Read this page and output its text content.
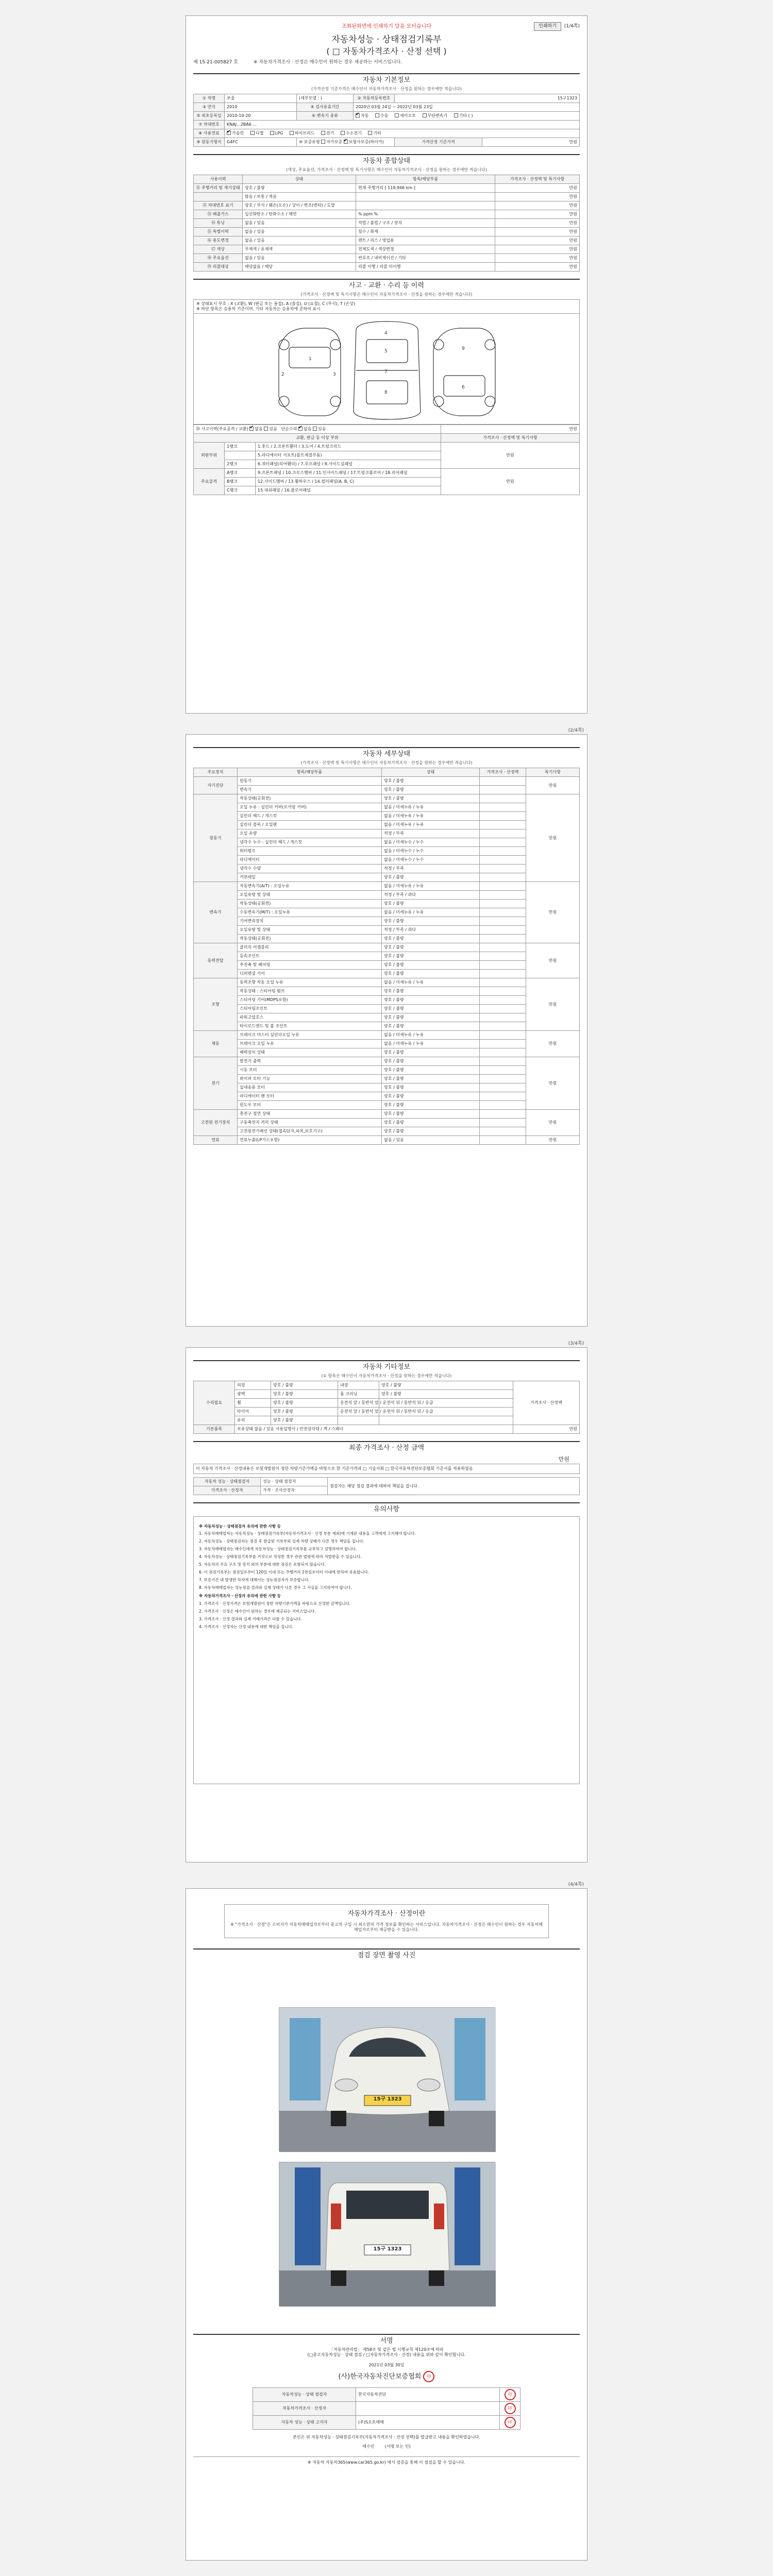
조회된화면에 인쇄하기 앙을 모터습니다	인쇄하기	(1/4쪽)
자동차성능 · 상태점검기록부
( □ 자동차가격조사 · 산정 선택 )
제 15-21-005827 호	※ 자동차가격조사 · 산정은 매수인이 원하는 경우 제공하는 서비스입니다.
자동차 기본정보
(가격산정 기준가격은 매수인이 자동차가격조사 · 산정을 원하는 경우에만 적습니다)
① 차명	쏘울	(세부모델 : )	② 자동차등록번호	15구1323	
③ 연식	2010	④ 검사유효기간	2020년 03월 24일 ~ 2022년 03월 23일		
⑤ 최초등록일	2010-10-20	⑥ 변속기 종류	✔자동 수동 세미오토 무단변속기 기타 ( )
⑦ 차대번호	KNAJ...2BA6 ...				
⑧ 사용연료	✔가솔린 디젤 LPG 하이브리드 전기 수소전기 기타
⑨ 원동기형식	G4FC	⑩ 보증유형 자가보증 ✔ 보험사보증(하이카)		가격산정 기준가격	만원
자동차 종합상태
(색상, 주요옵션, 가격조사 · 산정액 및 특기사항은 매수인이 자동차가격조사 · 산정을 원하는 경우에만 적습니다)
사용이력	상태	항목/해당부품	가격조사 · 산정액 및 특기사항
⑪ 주행거리 및 계기상태	양호 / 불량	현재 주행거리 [ 119,946 km ]	만원
	많음 / 보통 / 적음		만원
⑫ 차대번호 표기	양호 / 부식 / 훼손(오손) / 상이 / 변조(변타) / 도말		만원
⑬ 배출가스	일산화탄소 / 탄화수소 / 매연	% ppm %	만원
⑭ 튜닝	없음 / 있음	적법 / 불법 / 구조 / 장치	만원
⑮ 특별이력	없음 / 있음	침수 / 화재	만원
⑯ 용도변경	없음 / 있음	렌트 / 리스 / 영업용	만원
⑰ 색상	무채색 / 유채색	전체도색 / 색상변경	만원
⑱ 주요옵션	없음 / 있음	썬루프 / 내비게이션 / 기타	만원
⑲ 리콜대상	해당없음 / 해당	리콜 이행 / 리콜 미이행	만원
사고 · 교환 · 수리 등 이력
(가격조사 · 산정액 및 특기사항은 매수인이 자동차가격조사 · 산정을 원하는 경우에만 적습니다)
※ 상태표시 부호 : X (교환), W (판금 또는 용접), A (흠집), U (요철), C (부식), T (손상)
※ 하단 항목은 승용차 기준이며, 기타 자동차는 승용차에 준하여 표시
1
2	3
4
5
7
8
6
9
⑳ 사고이력(주요골격 / 교환) ✔ 없음 있음 단순수리 ✔ 없음 있음			만원
교환, 판금 등 이상 부위			가격조사 · 산정액 및 특기사항
외판부위	1랭크	1.후드 / 2.프론트휀더 / 3.도어 / 4.트렁크리드	만원
		5.라디에이터 서포트(볼트체결부품)	
	2랭크	6.쿼터패널(리어휀더) / 7.루프패널 / 8.사이드실패널	
주요골격	A랭크	9.프론트패널 / 10.크로스멤버 / 11.인사이드패널 / 17.트렁크플로어 / 18.리어패널	만원
	B랭크	12.사이드멤버 / 13.휠하우스 / 14.필러패널(A, B, C)	
	C랭크	15.대쉬패널 / 16.플로어패널	
(2/4쪽)
자동차 세부상태
(가격조사 · 산정액 및 특기사항은 매수인이 자동차가격조사 · 산정을 원하는 경우에만 적습니다)
주요장치	항목/해당부품	상태	가격조사 · 산정액	특기사항
자기진단	원동기	양호 / 불량		만원
	변속기	양호 / 불량		
원동기	작동상태(공회전)	양호 / 불량		만원
	오일 누유 : 실린더 커버(로커암 커버)	없음 / 미세누유 / 누유		
	실린더 헤드 / 개스킷	없음 / 미세누유 / 누유		
	실린더 블록 / 오일팬	없음 / 미세누유 / 누유		
	오일 유량	적정 / 부족		
	냉각수 누수 : 실린더 헤드 / 개스킷	없음 / 미세누수 / 누수		
	워터펌프	없음 / 미세누수 / 누수		
	라디에이터	없음 / 미세누수 / 누수		
	냉각수 수량	적정 / 부족		
	커먼레일	양호 / 불량		
변속기	자동변속기(A/T) : 오일누유	없음 / 미세누유 / 누유		만원
	오일유량 및 상태	적정 / 부족 / 과다		
	작동상태(공회전)	양호 / 불량		
	수동변속기(M/T) : 오일누유	없음 / 미세누유 / 누유		
	기어변속장치	양호 / 불량		
	오일유량 및 상태	적정 / 부족 / 과다		
	작동상태(공회전)	양호 / 불량		
동력전달	클러치 어셈블리	양호 / 불량		만원
	등속조인트	양호 / 불량		
	추진축 및 베어링	양호 / 불량		
	디퍼렌셜 기어	양호 / 불량		
조향	동력조향 작동 오일 누유	없음 / 미세누유 / 누유		만원
	작동상태 : 스티어링 펌프	양호 / 불량		
	스티어링 기어(MDPS포함)	양호 / 불량		
	스티어링조인트	양호 / 불량		
	파워고압호스	양호 / 불량		
	타이로드엔드 및 볼 조인트	양호 / 불량		
제동	브레이크 마스터 실린더오일 누유	없음 / 미세누유 / 누유		만원
	브레이크 오일 누유	없음 / 미세누유 / 누유		
	배력장치 상태	양호 / 불량		
전기	발전기 출력	양호 / 불량		만원
	시동 모터	양호 / 불량		
	와이퍼 모터 기능	양호 / 불량		
	실내송풍 모터	양호 / 불량		
	라디에이터 팬 모터	양호 / 불량		
	윈도우 모터	양호 / 불량		
고전원 전기장치	충전구 절연 상태	양호 / 불량		만원
	구동축전지 격리 상태	양호 / 불량		
	고전원전기배선 상태(접속단자,피복,보호기구)	양호 / 불량		
연료	연료누출(LP가스포함)	없음 / 있음		만원
(3/4쪽)
자동차 기타정보
(① 항목은 매수인이 자동차가격조사 · 산정을 원하는 경우에만 적습니다)
수리필요	외장	양호 / 불량	내장	양호 / 불량	가격조사 · 산정액
	광택	양호 / 불량	룸 크리닝	양호 / 불량	
	휠	양호 / 불량	운전석 앞 / 동반석 앞 / 운전석 뒤 / 동반석 뒤 / 응급		
	타이어	양호 / 불량	운전석 앞 / 동반석 앞 / 운전석 뒤 / 동반석 뒤 / 응급		
	유리	양호 / 불량			
기본품목	보유상태 없음 / 있음 사용설명서 / 안전삼각대 / 잭 / 스패너				만원
최종 가격조사 · 산정 금액
만원
이 자동차 가격조사 · 산정내용은 보험개발원이 정한 차량기준가액을 바탕으로 한 기준가격과 □ 기술사회 □ 한국자동차진단보증협회 기준서를 적용하였음
자동차 성능 · 상태점검자	성능 · 상태 점검자	점검자는 해당 점검 결과에 대하여 책임을 집니다.
가격조사 · 산정자	가격 · 조사산정자	
유의사항
※ 자동차성능 · 상태점검자 유의에 관한 사항 등

1. 자동차매매업자는 자동차성능 · 상태점검기록부(자동차가격조사 · 산정 부분 제외)에 기재된 내용을 고객에게 고지해야 합니다.

2. 자동차성능 · 상태점검자는 점검 후 발급된 기록부와 실제 차량 상태가 다른 경우 책임을 집니다.

3. 자동차매매업자는 매수인에게 자동차성능 · 상태점검기록부를 교부하고 설명하여야 합니다.

4. 자동차성능 · 상태점검기록부를 거짓으로 작성한 경우 관련 법령에 따라 처벌받을 수 있습니다.

5. 자동차의 주요 구조 및 장치 외의 부분에 대한 점검은 포함되지 않습니다.

6. 이 점검기록부는 점검일로부터 120일 이내 또는 주행거리 2천킬로미터 이내에 한하여 유효합니다.

7. 보증기간 내 발생한 하자에 대해서는 성능점검자가 보증합니다.

8. 자동차매매업자는 성능점검 결과와 실제 상태가 다른 경우 그 사실을 고지하여야 합니다.

※ 자동차가격조사 · 산정자 유의에 관한 사항 등

1. 가격조사 · 산정가격은 보험개발원이 정한 차량기준가액을 바탕으로 산정한 금액입니다.

2. 가격조사 · 산정은 매수인이 원하는 경우에 제공되는 서비스입니다.

3. 가격조사 · 산정 결과와 실제 거래가격은 다를 수 있습니다.

4. 가격조사 · 산정자는 산정 내용에 대한 책임을 집니다.

(4/4쪽)
자동차가격조사 · 산정이란
※ "가격조사 · 산정"은 소비자가 자동차매매업자로부터 중고차 구입 시 최소한의 가격 정보를 확인하는 서비스입니다. 자동차가격조사 · 산정은 매수인이 원하는 경우 자동차매매업자로부터 제공받을 수 있습니다.
점검 장면 촬영 사진
15구 1323
15구 1323
서명
「자동차관리법」 제58조 및 같은 법 시행규칙 제120조에 따라
(□중고자동차성능 · 상태 점검 / □자동차가격조사 · 산정) 내용을 위와 같이 확인합니다.
2021년 03월 30일
(사)한국자동차진단보증협회 印
자동차성능 · 상태 점검자	한국자동차진단	印
자동차가격조사 · 산정자		印
자동차 성능 · 상태 고지자	(주)S오토매매	印
본인은 위 자동차성능 · 상태점검기록부(자동차가격조사 · 산정 선택)를 발급받고 내용을 확인하였습니다.
매수인	(서명 또는 인)
※ 자동차 자동차365(www.car365.go.kr) 에서 검증을 통해 이 점검을 할 수 있습니다.
